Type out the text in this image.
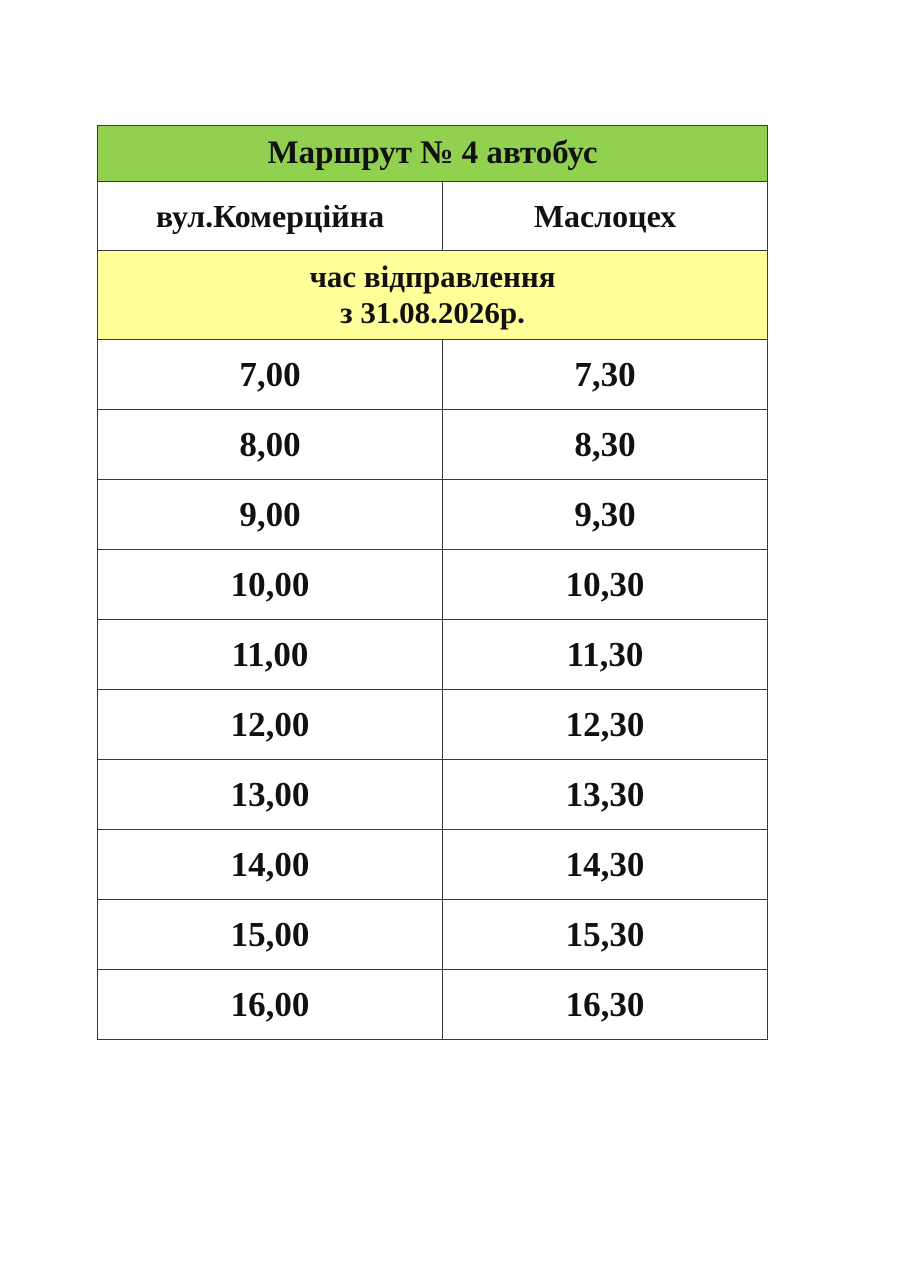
Маршрут № 4 автобус	
вул.Комерційна	Маслоцех

час відправлення
з 31.08.2026р.	

7,00	7,30
8,00	8,30
9,00	9,30
10,00	10,30
11,00	11,30
12,00	12,30
13,00	13,30
14,00	14,30
15,00	15,30
16,00	16,30
